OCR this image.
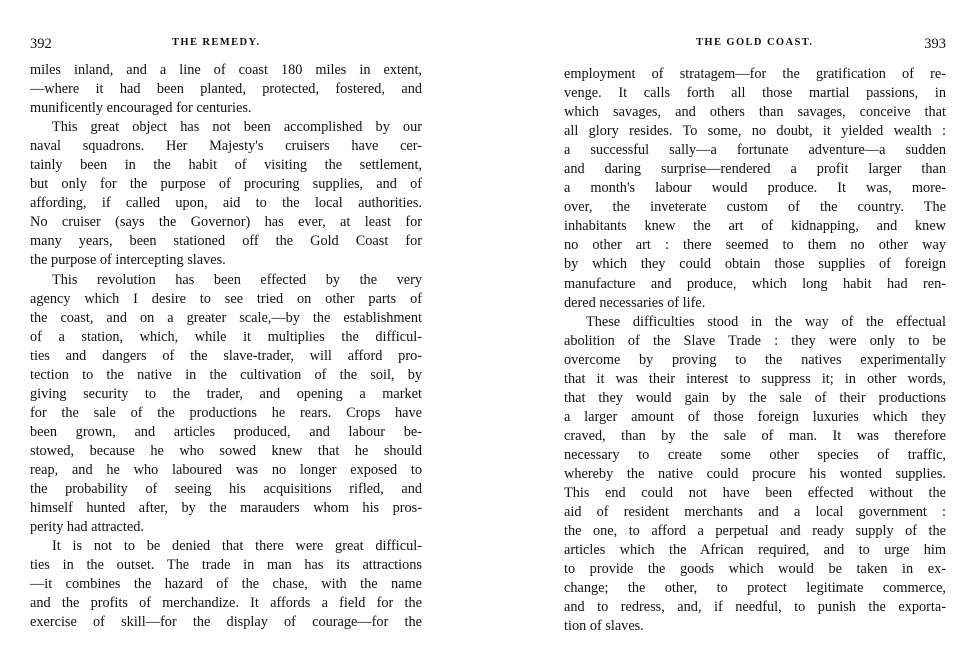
392	THE REMEDY.
miles inland, and a line of coast 180 miles in extent,
—where it had been planted, protected, fostered, and
munificently encouraged for centuries.
This great object has not been accomplished by our
naval squadrons. Her Majesty's cruisers have cer-
tainly been in the habit of visiting the settlement,
but only for the purpose of procuring supplies, and of
affording, if called upon, aid to the local authorities.
No cruiser (says the Governor) has ever, at least for
many years, been stationed off the Gold Coast for
the purpose of intercepting slaves.
This revolution has been effected by the very
agency which I desire to see tried on other parts of
the coast, and on a greater scale,—by the establishment
of a station, which, while it multiplies the difficul-
ties and dangers of the slave-trader, will afford pro-
tection to the native in the cultivation of the soil, by
giving security to the trader, and opening a market
for the sale of the productions he rears. Crops have
been grown, and articles produced, and labour be-
stowed, because he who sowed knew that he should
reap, and he who laboured was no longer exposed to
the probability of seeing his acquisitions rifled, and
himself hunted after, by the marauders whom his pros-
perity had attracted.
It is not to be denied that there were great difficul-
ties in the outset. The trade in man has its attractions
—it combines the hazard of the chase, with the name
and the profits of merchandize. It affords a field for the
exercise of skill—for the display of courage—for the
THE GOLD COAST.	393
employment of stratagem—for the gratification of re-
venge. It calls forth all those martial passions, in
which savages, and others than savages, conceive that
all glory resides. To some, no doubt, it yielded wealth :
a successful sally—a fortunate adventure—a sudden
and daring surprise—rendered a profit larger than
a month's labour would produce. It was, more-
over, the inveterate custom of the country. The
inhabitants knew the art of kidnapping, and knew
no other art : there seemed to them no other way
by which they could obtain those supplies of foreign
manufacture and produce, which long habit had ren-
dered necessaries of life.
These difficulties stood in the way of the effectual
abolition of the Slave Trade : they were only to be
overcome by proving to the natives experimentally
that it was their interest to suppress it; in other words,
that they would gain by the sale of their productions
a larger amount of those foreign luxuries which they
craved, than by the sale of man. It was therefore
necessary to create some other species of traffic,
whereby the native could procure his wonted supplies.
This end could not have been effected without the
aid of resident merchants and a local government :
the one, to afford a perpetual and ready supply of the
articles which the African required, and to urge him
to provide the goods which would be taken in ex-
change; the other, to protect legitimate commerce,
and to redress, and, if needful, to punish the exporta-
tion of slaves.
